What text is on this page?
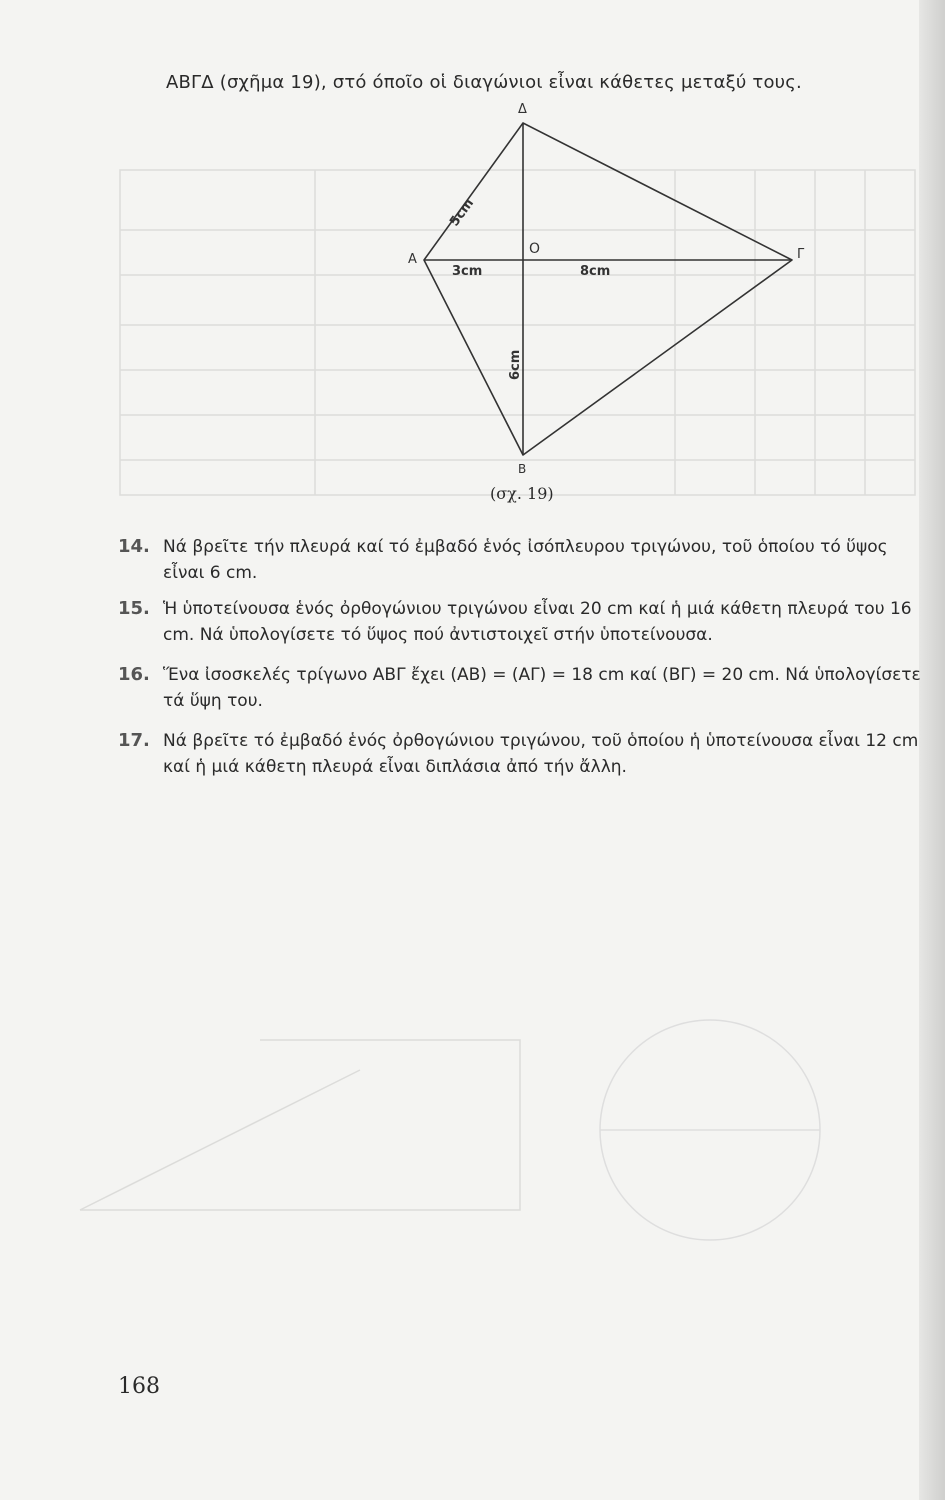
ΑΒΓΔ (σχῆμα 19), στό όποῖο οἱ διαγώνιοι εἶναι κάθετες μεταξύ τους.
Δ
Α	Γ
Β
Ο
3cm	8cm
5cm
6cm
(σχ. 19)
14. Νά βρεῖτε τήν πλευρά καί τό ἐμβαδό ἑνός ἰσόπλευρου τριγώνου, τοῦ ὁποίου τό ὕψος εἶναι 6 cm.
15. Ἡ ὑποτείνουσα ἑνός ὀρθογώνιου τριγώνου εἶναι 20 cm καί ἡ μιά κάθετη πλευρά του 16 cm. Νά ὑπολογίσετε τό ὕψος πού ἀντιστοιχεῖ στήν ὑποτείνουσα.
16. Ἕνα ἰσοσκελές τρίγωνο ΑΒΓ ἔχει (ΑΒ) = (ΑΓ) = 18 cm καί (ΒΓ) = 20 cm. Νά ὑπολογίσετε τά ὕψη του.
17. Νά βρεῖτε τό ἐμβαδό ἑνός ὀρθογώνιου τριγώνου, τοῦ ὁποίου ἡ ὑποτείνουσα εἶναι 12 cm καί ἡ μιά κάθετη πλευρά εἶναι διπλάσια ἀπό τήν ἄλλη.
168
